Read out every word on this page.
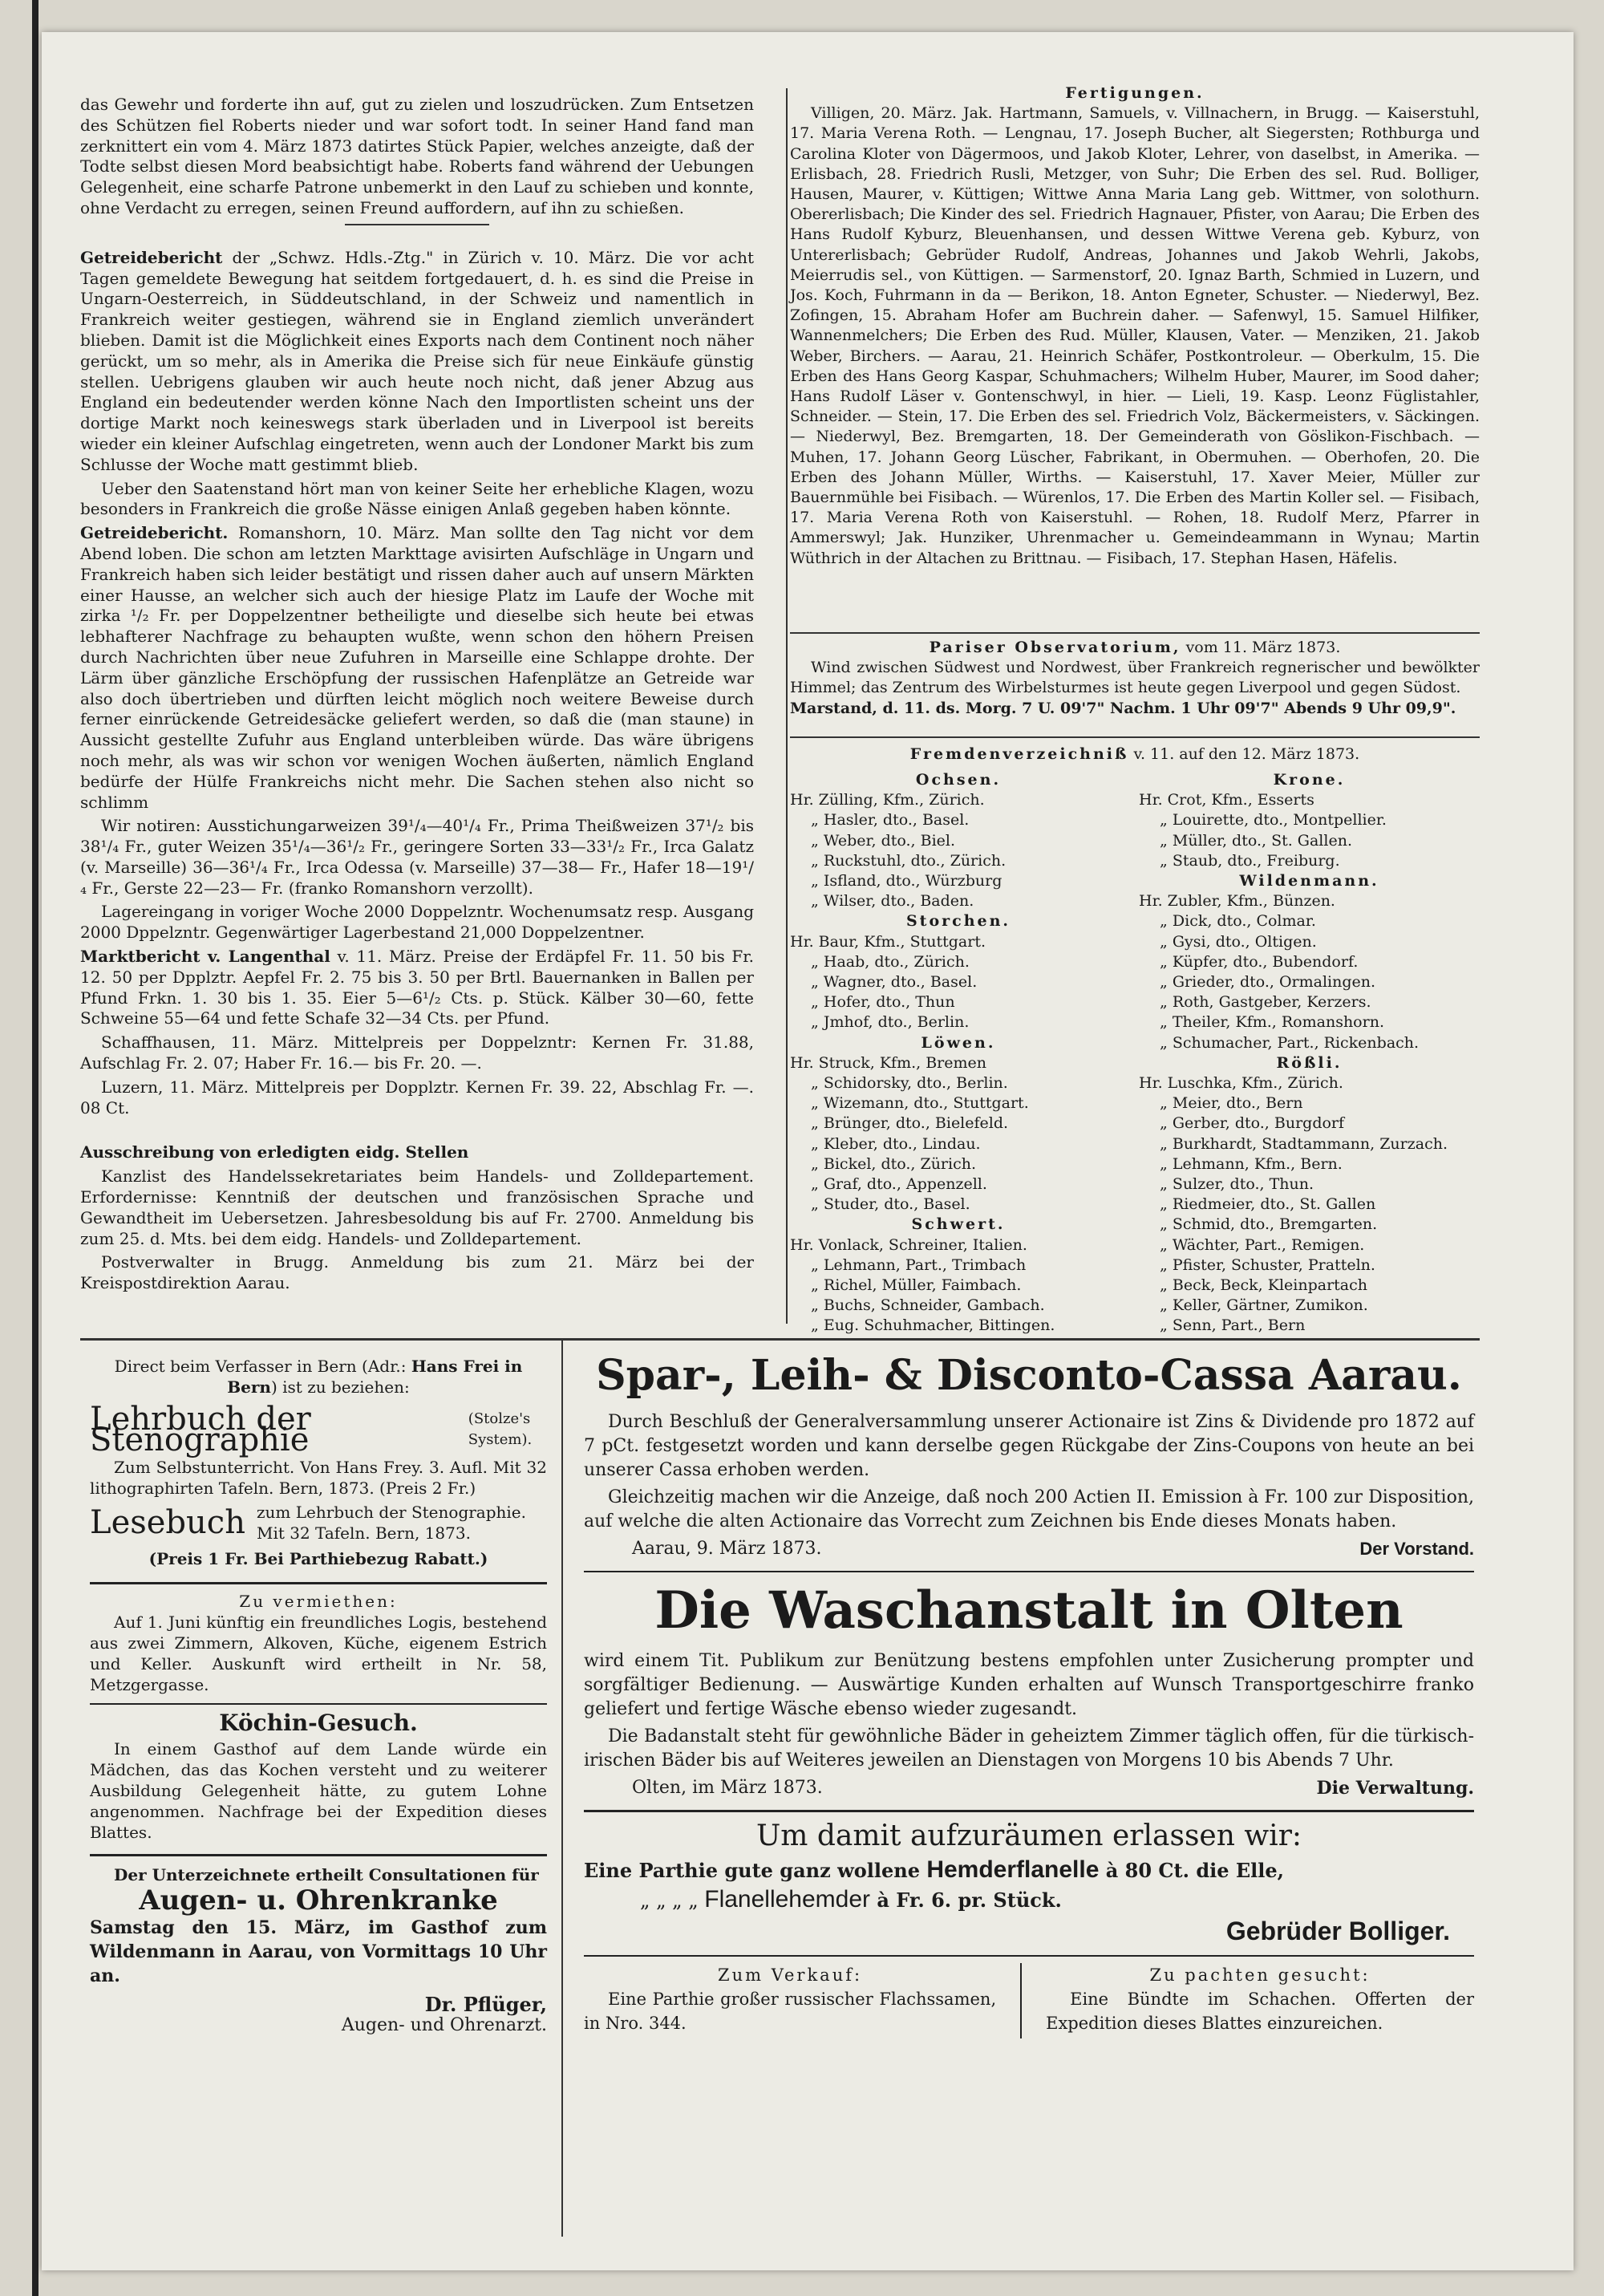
das Gewehr und forderte ihn auf, gut zu zielen und loszudrücken. Zum Entsetzen des Schützen fiel Roberts nieder und war sofort todt. In seiner Hand fand man zerknittert ein vom 4. März 1873 datirtes Stück Papier, welches anzeigte, daß der Todte selbst diesen Mord beabsichtigt habe. Roberts fand während der Uebungen Gelegenheit, eine scharfe Patrone unbemerkt in den Lauf zu schieben und konnte, ohne Verdacht zu erregen, seinen Freund auffordern, auf ihn zu schießen.

Getreidebericht der „Schwz. Hdls.-Ztg." in Zürich v. 10. März. Die vor acht Tagen gemeldete Bewegung hat seitdem fortgedauert, d. h. es sind die Preise in Ungarn-Oesterreich, in Süddeutschland, in der Schweiz und namentlich in Frankreich weiter gestiegen, während sie in England ziemlich unverändert blieben. Damit ist die Möglichkeit eines Exports nach dem Continent noch näher gerückt, um so mehr, als in Amerika die Preise sich für neue Einkäufe günstig stellen. Uebrigens glauben wir auch heute noch nicht, daß jener Abzug aus England ein bedeutender werden könne Nach den Importlisten scheint uns der dortige Markt noch keineswegs stark überladen und in Liverpool ist bereits wieder ein kleiner Aufschlag eingetreten, wenn auch der Londoner Markt bis zum Schlusse der Woche matt gestimmt blieb.

Ueber den Saatenstand hört man von keiner Seite her erhebliche Klagen, wozu besonders in Frankreich die große Nässe einigen Anlaß gegeben haben könnte.

Getreidebericht. Romanshorn, 10. März. Man sollte den Tag nicht vor dem Abend loben. Die schon am letzten Markttage avisirten Aufschläge in Ungarn und Frankreich haben sich leider bestätigt und rissen daher auch auf unsern Märkten einer Hausse, an welcher sich auch der hiesige Platz im Laufe der Woche mit zirka ¹/₂ Fr. per Doppelzentner betheiligte und dieselbe sich heute bei etwas lebhafterer Nachfrage zu behaupten wußte, wenn schon den höhern Preisen durch Nachrichten über neue Zufuhren in Marseille eine Schlappe drohte. Der Lärm über gänzliche Erschöpfung der russischen Hafenplätze an Getreide war also doch übertrieben und dürften leicht möglich noch weitere Beweise durch ferner einrückende Getreidesäcke geliefert werden, so daß die (man staune) in Aussicht gestellte Zufuhr aus England unterbleiben würde. Das wäre übrigens noch mehr, als was wir schon vor wenigen Wochen äußerten, nämlich England bedürfe der Hülfe Frankreichs nicht mehr. Die Sachen stehen also nicht so schlimm

Wir notiren: Ausstichungarweizen 39¹/₄—40¹/₄ Fr., Prima Theißweizen 37¹/₂ bis 38¹/₄ Fr., guter Weizen 35¹/₄—36¹/₂ Fr., geringere Sorten 33—33¹/₂ Fr., Irca Galatz (v. Marseille) 36—36¹/₄ Fr., Irca Odessa (v. Marseille) 37—38— Fr., Hafer 18—19¹/₄ Fr., Gerste 22—23— Fr. (franko Romanshorn verzollt).

Lagereingang in voriger Woche 2000 Doppelzntr. Wochenumsatz resp. Ausgang 2000 Dppelzntr. Gegenwärtiger Lagerbestand 21,000 Doppelzentner.

Marktbericht v. Langenthal v. 11. März. Preise der Erdäpfel Fr. 11. 50 bis Fr. 12. 50 per Dpplztr. Aepfel Fr. 2. 75 bis 3. 50 per Brtl. Bauernanken in Ballen per Pfund Frkn. 1. 30 bis 1. 35. Eier 5—6¹/₂ Cts. p. Stück. Kälber 30—60, fette Schweine 55—64 und fette Schafe 32—34 Cts. per Pfund.

Schaffhausen, 11. März. Mittelpreis per Doppelzntr: Kernen Fr. 31.88, Aufschlag Fr. 2. 07; Haber Fr. 16.— bis Fr. 20. —.

Luzern, 11. März. Mittelpreis per Dopplztr. Kernen Fr. 39. 22, Abschlag Fr. —. 08 Ct.

Ausschreibung von erledigten eidg. Stellen

Kanzlist des Handelssekretariates beim Handels- und Zolldepartement. Erfordernisse: Kenntniß der deutschen und französischen Sprache und Gewandtheit im Uebersetzen. Jahresbesoldung bis auf Fr. 2700. Anmeldung bis zum 25. d. Mts. bei dem eidg. Handels- und Zolldepartement.

Postverwalter in Brugg. Anmeldung bis zum 21. März bei der Kreispostdirektion Aarau.

Fertigungen.
Villigen, 20. März. Jak. Hartmann, Samuels, v. Villnachern, in Brugg. — Kaiserstuhl, 17. Maria Verena Roth. — Lengnau, 17. Joseph Bucher, alt Siegersten; Rothburga und Carolina Kloter von Dägermoos, und Jakob Kloter, Lehrer, von daselbst, in Amerika. — Erlisbach, 28. Friedrich Rusli, Metzger, von Suhr; Die Erben des sel. Rud. Bolliger, Hausen, Maurer, v. Küttigen; Wittwe Anna Maria Lang geb. Wittmer, von solothurn. Obererlisbach; Die Kinder des sel. Friedrich Hagnauer, Pfister, von Aarau; Die Erben des Hans Rudolf Kyburz, Bleuenhansen, und dessen Wittwe Verena geb. Kyburz, von Untererlisbach; Gebrüder Rudolf, Andreas, Johannes und Jakob Wehrli, Jakobs, Meierrudis sel., von Küttigen. — Sarmenstorf, 20. Ignaz Barth, Schmied in Luzern, und Jos. Koch, Fuhrmann in da — Berikon, 18. Anton Egneter, Schuster. — Niederwyl, Bez. Zofingen, 15. Abraham Hofer am Buchrein daher. — Safenwyl, 15. Samuel Hilfiker, Wannenmelchers; Die Erben des Rud. Müller, Klausen, Vater. — Menziken, 21. Jakob Weber, Birchers. — Aarau, 21. Heinrich Schäfer, Postkontroleur. — Oberkulm, 15. Die Erben des Hans Georg Kaspar, Schuhmachers; Wilhelm Huber, Maurer, im Sood daher; Hans Rudolf Läser v. Gontenschwyl, in hier. — Lieli, 19. Kasp. Leonz Füglistahler, Schneider. — Stein, 17. Die Erben des sel. Friedrich Volz, Bäckermeisters, v. Säckingen. — Niederwyl, Bez. Bremgarten, 18. Der Gemeinderath von Göslikon-Fischbach. — Muhen, 17. Johann Georg Lüscher, Fabrikant, in Obermuhen. — Oberhofen, 20. Die Erben des Johann Müller, Wirths. — Kaiserstuhl, 17. Xaver Meier, Müller zur Bauernmühle bei Fisibach. — Würenlos, 17. Die Erben des Martin Koller sel. — Fisibach, 17. Maria Verena Roth von Kaiserstuhl. — Rohen, 18. Rudolf Merz, Pfarrer in Ammerswyl; Jak. Hunziker, Uhrenmacher u. Gemeindeammann in Wynau; Martin Wüthrich in der Altachen zu Brittnau. — Fisibach, 17. Stephan Hasen, Häfelis.
Pariser Observatorium, vom 11. März 1873.
Wind zwischen Südwest und Nordwest, über Frankreich regnerischer und bewölkter Himmel; das Zentrum des Wirbelsturmes ist heute gegen Liverpool und gegen Südost.
Marstand, d. 11. ds. Morg. 7 U. 09'7" Nachm. 1 Uhr 09'7" Abends 9 Uhr 09,9".
Fremdenverzeichniß v. 11. auf den 12. März 1873.
Ochsen.
Hr. Zülling, Kfm., Zürich.
„ Hasler, dto., Basel.
„ Weber, dto., Biel.
„ Ruckstuhl, dto., Zürich.
„ Isfland, dto., Würzburg
„ Wilser, dto., Baden.
Storchen.
Hr. Baur, Kfm., Stuttgart.
„ Haab, dto., Zürich.
„ Wagner, dto., Basel.
„ Hofer, dto., Thun
„ Jmhof, dto., Berlin.
Löwen.
Hr. Struck, Kfm., Bremen
„ Schidorsky, dto., Berlin.
„ Wizemann, dto., Stuttgart.
„ Brünger, dto., Bielefeld.
„ Kleber, dto., Lindau.
„ Bickel, dto., Zürich.
„ Graf, dto., Appenzell.
„ Studer, dto., Basel.
Schwert.
Hr. Vonlack, Schreiner, Italien.
„ Lehmann, Part., Trimbach
„ Richel, Müller, Faimbach.
„ Buchs, Schneider, Gambach.
„ Eug. Schuhmacher, Bittingen.
Krone.
Hr. Crot, Kfm., Esserts
„ Louirette, dto., Montpellier.
„ Müller, dto., St. Gallen.
„ Staub, dto., Freiburg.
Wildenmann.
Hr. Zubler, Kfm., Bünzen.
„ Dick, dto., Colmar.
„ Gysi, dto., Oltigen.
„ Küpfer, dto., Bubendorf.
„ Grieder, dto., Ormalingen.
„ Roth, Gastgeber, Kerzers.
„ Theiler, Kfm., Romanshorn.
„ Schumacher, Part., Rickenbach.
Rößli.
Hr. Luschka, Kfm., Zürich.
„ Meier, dto., Bern
„ Gerber, dto., Burgdorf
„ Burkhardt, Stadtammann, Zurzach.
„ Lehmann, Kfm., Bern.
„ Sulzer, dto., Thun.
„ Riedmeier, dto., St. Gallen
„ Schmid, dto., Bremgarten.
„ Wächter, Part., Remigen.
„ Pfister, Schuster, Pratteln.
„ Beck, Beck, Kleinpartach
„ Keller, Gärtner, Zumikon.
„ Senn, Part., Bern
Direct beim Verfasser in Bern (Adr.: Hans Frei in Bern) ist zu beziehen:
Lehrbuch der Stenographie
(Stolze's System).

Zum Selbstunterricht. Von Hans Frey. 3. Aufl. Mit 32 lithographirten Tafeln. Bern, 1873. (Preis 2 Fr.)

Lesebuch zum Lehrbuch der Stenographie. Mit 32 Tafeln. Bern, 1873.
(Preis 1 Fr. Bei Parthiebezug Rabatt.)
Zu vermiethen:

Auf 1. Juni künftig ein freundliches Logis, bestehend aus zwei Zimmern, Alkoven, Küche, eigenem Estrich und Keller. Auskunft wird ertheilt in Nr. 58, Metzgergasse.

Köchin-Gesuch.

In einem Gasthof auf dem Lande würde ein Mädchen, das das Kochen versteht und zu weiterer Ausbildung Gelegenheit hätte, zu gutem Lohne angenommen. Nachfrage bei der Expedition dieses Blattes.

Der Unterzeichnete ertheilt Consultationen für

Augen- u. Ohrenkranke

Samstag den 15. März, im Gasthof zum Wildenmann in Aarau, von Vormittags 10 Uhr an.

Dr. Pflüger,
Augen- und Ohrenarzt.
Spar-, Leih- & Disconto-Cassa Aarau.

Durch Beschluß der Generalversammlung unserer Actionaire ist Zins & Dividende pro 1872 auf 7 pCt. festgesetzt worden und kann derselbe gegen Rückgabe der Zins-Coupons von heute an bei unserer Cassa erhoben werden.

Gleichzeitig machen wir die Anzeige, daß noch 200 Actien II. Emission à Fr. 100 zur Disposition, auf welche die alten Actionaire das Vorrecht zum Zeichnen bis Ende dieses Monats haben.

Aarau, 9. März 1873.	Der Vorstand.
Die Waschanstalt in Olten

wird einem Tit. Publikum zur Benützung bestens empfohlen unter Zusicherung prompter und sorgfältiger Bedienung. — Auswärtige Kunden erhalten auf Wunsch Transportgeschirre franko geliefert und fertige Wäsche ebenso wieder zugesandt.

Die Badanstalt steht für gewöhnliche Bäder in geheiztem Zimmer täglich offen, für die türkisch-irischen Bäder bis auf Weiteres jeweilen an Dienstagen von Morgens 10 bis Abends 7 Uhr.

Olten, im März 1873.	Die Verwaltung.
Um damit aufzuräumen erlassen wir:
Eine Parthie gute ganz wollene Hemderflanelle à 80 Ct. die Elle,
„ „ „ „ Flanellehemder à Fr. 6. pr. Stück.
Gebrüder Bolliger.
Zum Verkauf:

Eine Parthie großer russischer Flachssamen, in Nro. 344.

Zu pachten gesucht:

Eine Bündte im Schachen. Offerten der Expedition dieses Blattes einzureichen.
